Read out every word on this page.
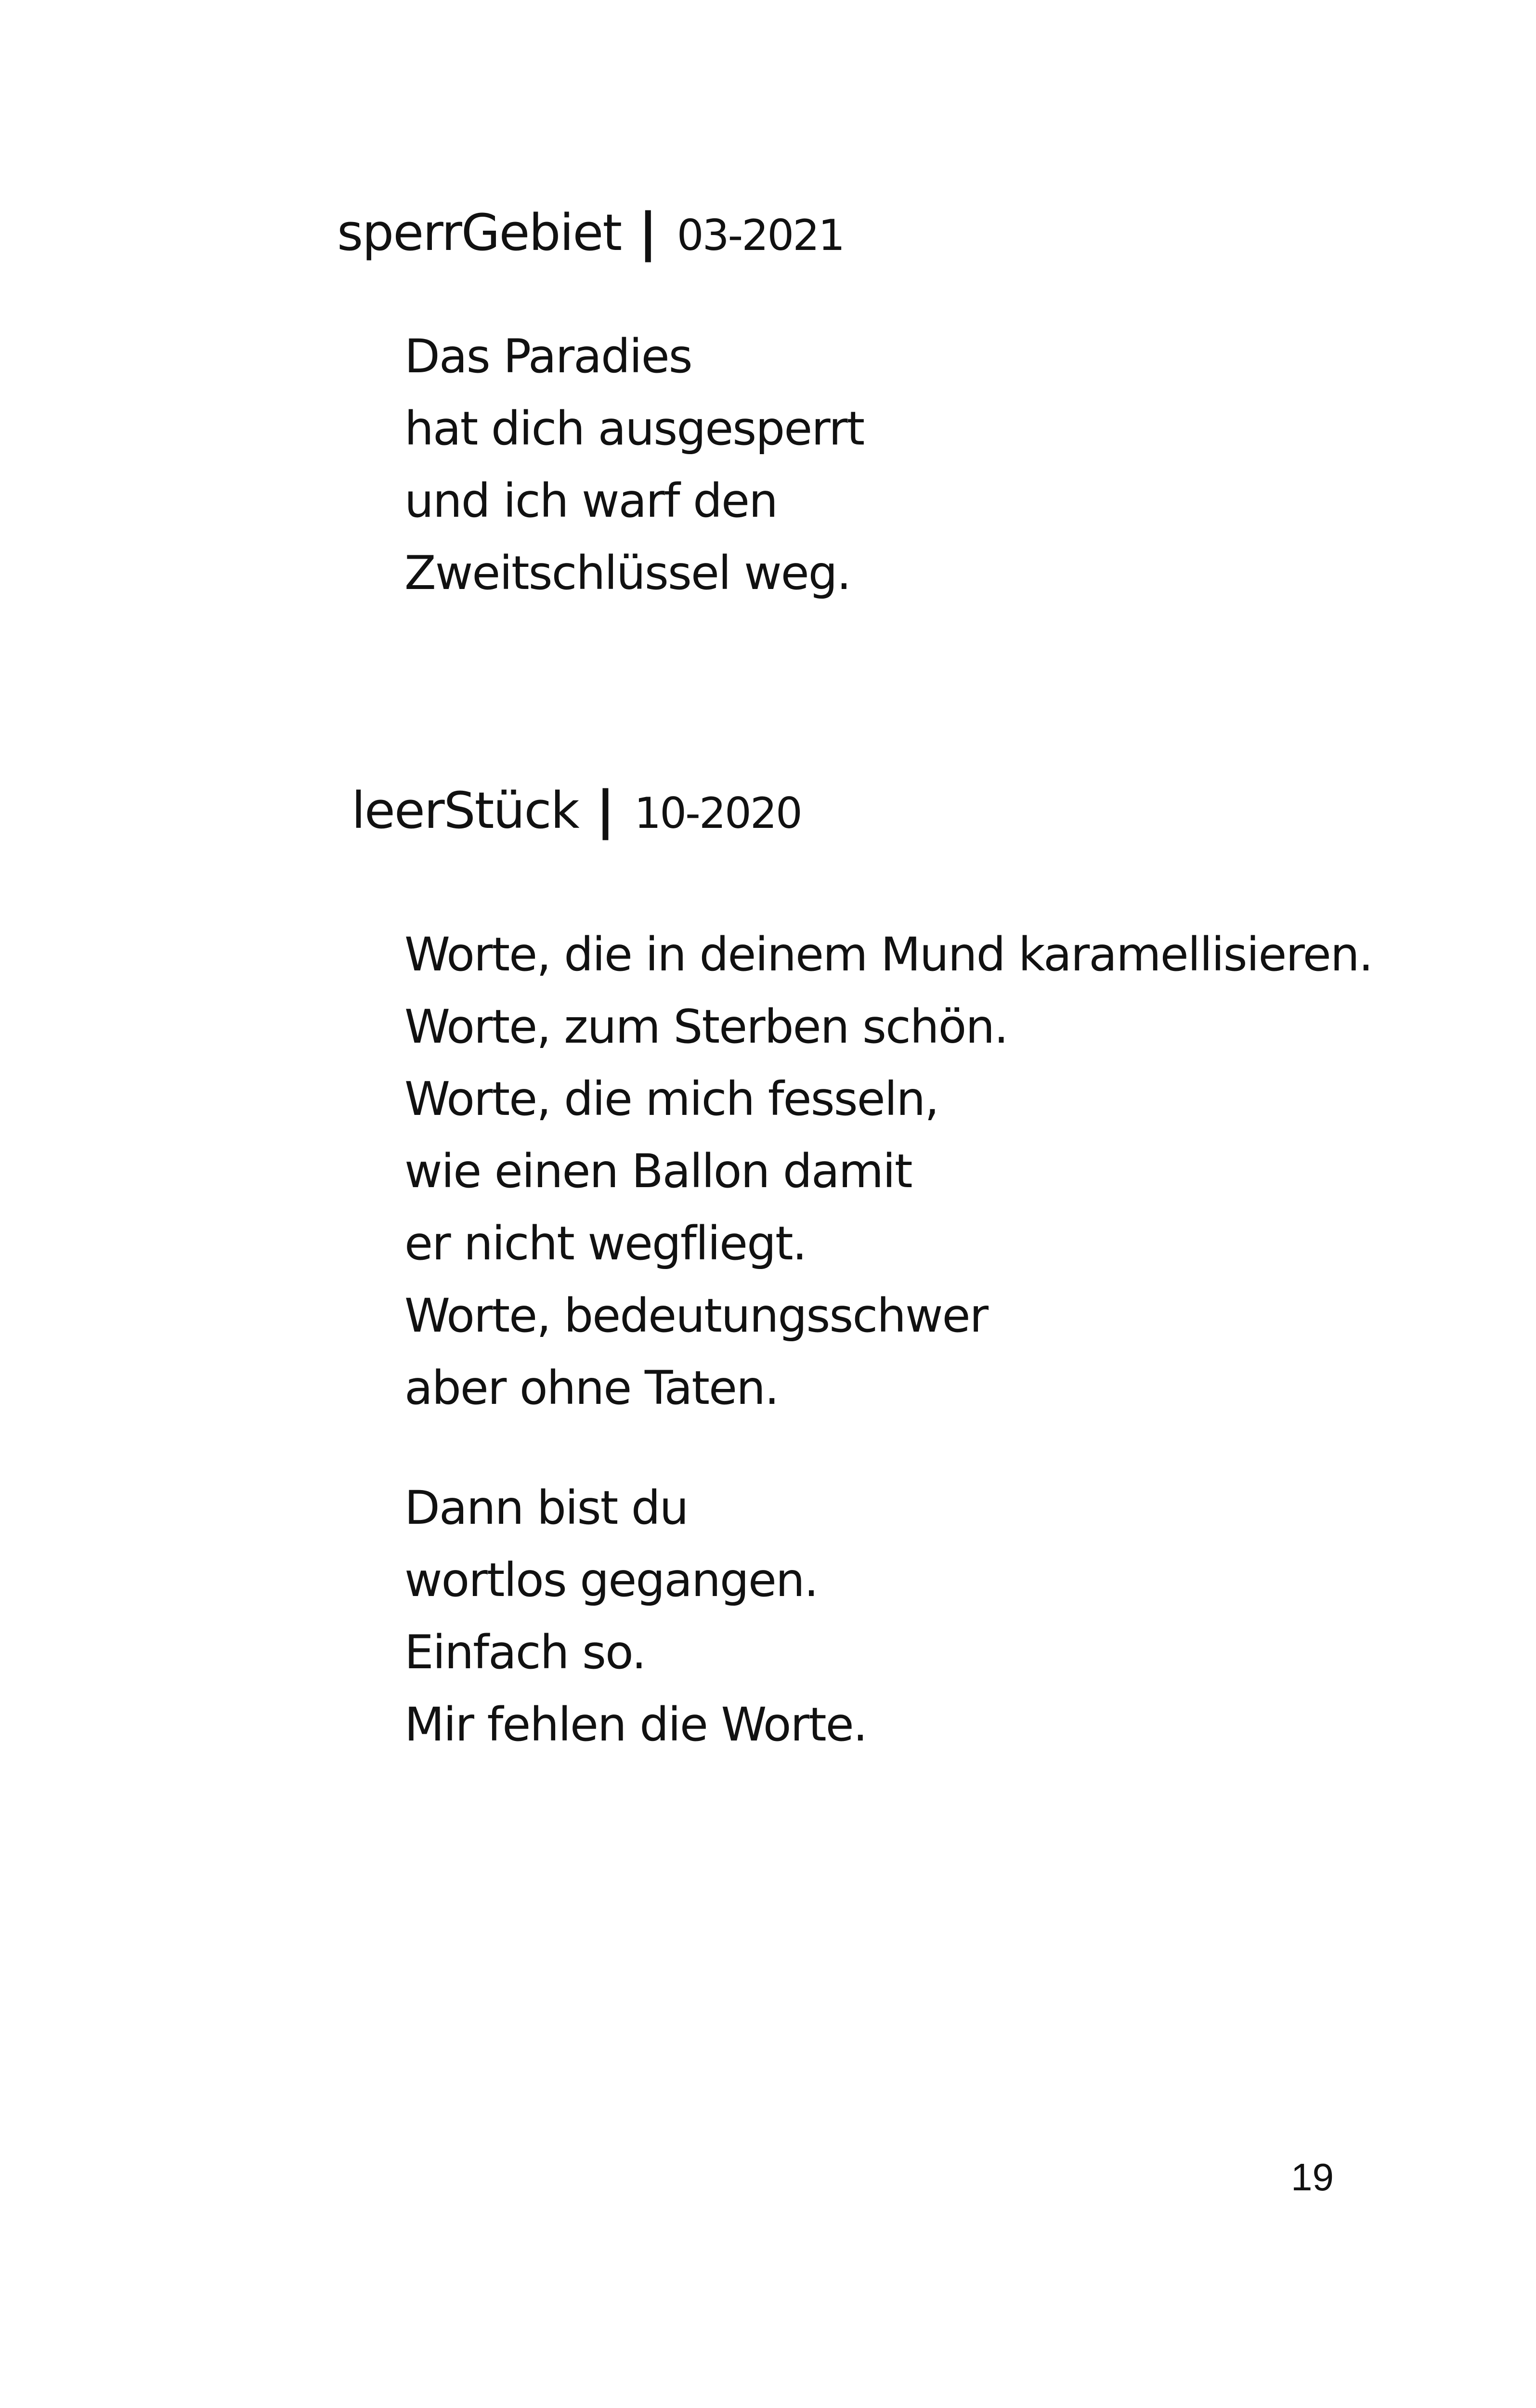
sperrGebiet | 03-2021
Das Paradies
hat dich ausgesperrt
und ich warf den
Zweitschlüssel weg.
leerStück | 10-2020
Worte, die in deinem Mund karamellisieren.
Worte, zum Sterben schön.
Worte, die mich fesseln,
wie einen Ballon damit
er nicht wegfliegt.
Worte, bedeutungsschwer
aber ohne Taten.
Dann bist du
wortlos gegangen.
Einfach so.
Mir fehlen die Worte.
19
